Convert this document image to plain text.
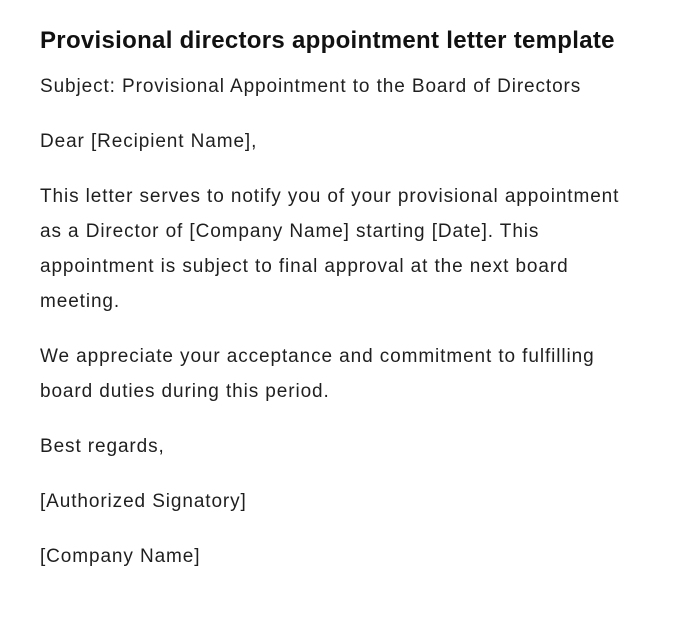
Provisional directors appointment letter template

Subject: Provisional Appointment to the Board of Directors

Dear [Recipient Name],

This letter serves to notify you of your provisional appointment as a Director of [Company Name] starting [Date]. This appointment is subject to final approval at the next board meeting.

We appreciate your acceptance and commitment to fulfilling board duties during this period.

Best regards,

[Authorized Signatory]

[Company Name]
